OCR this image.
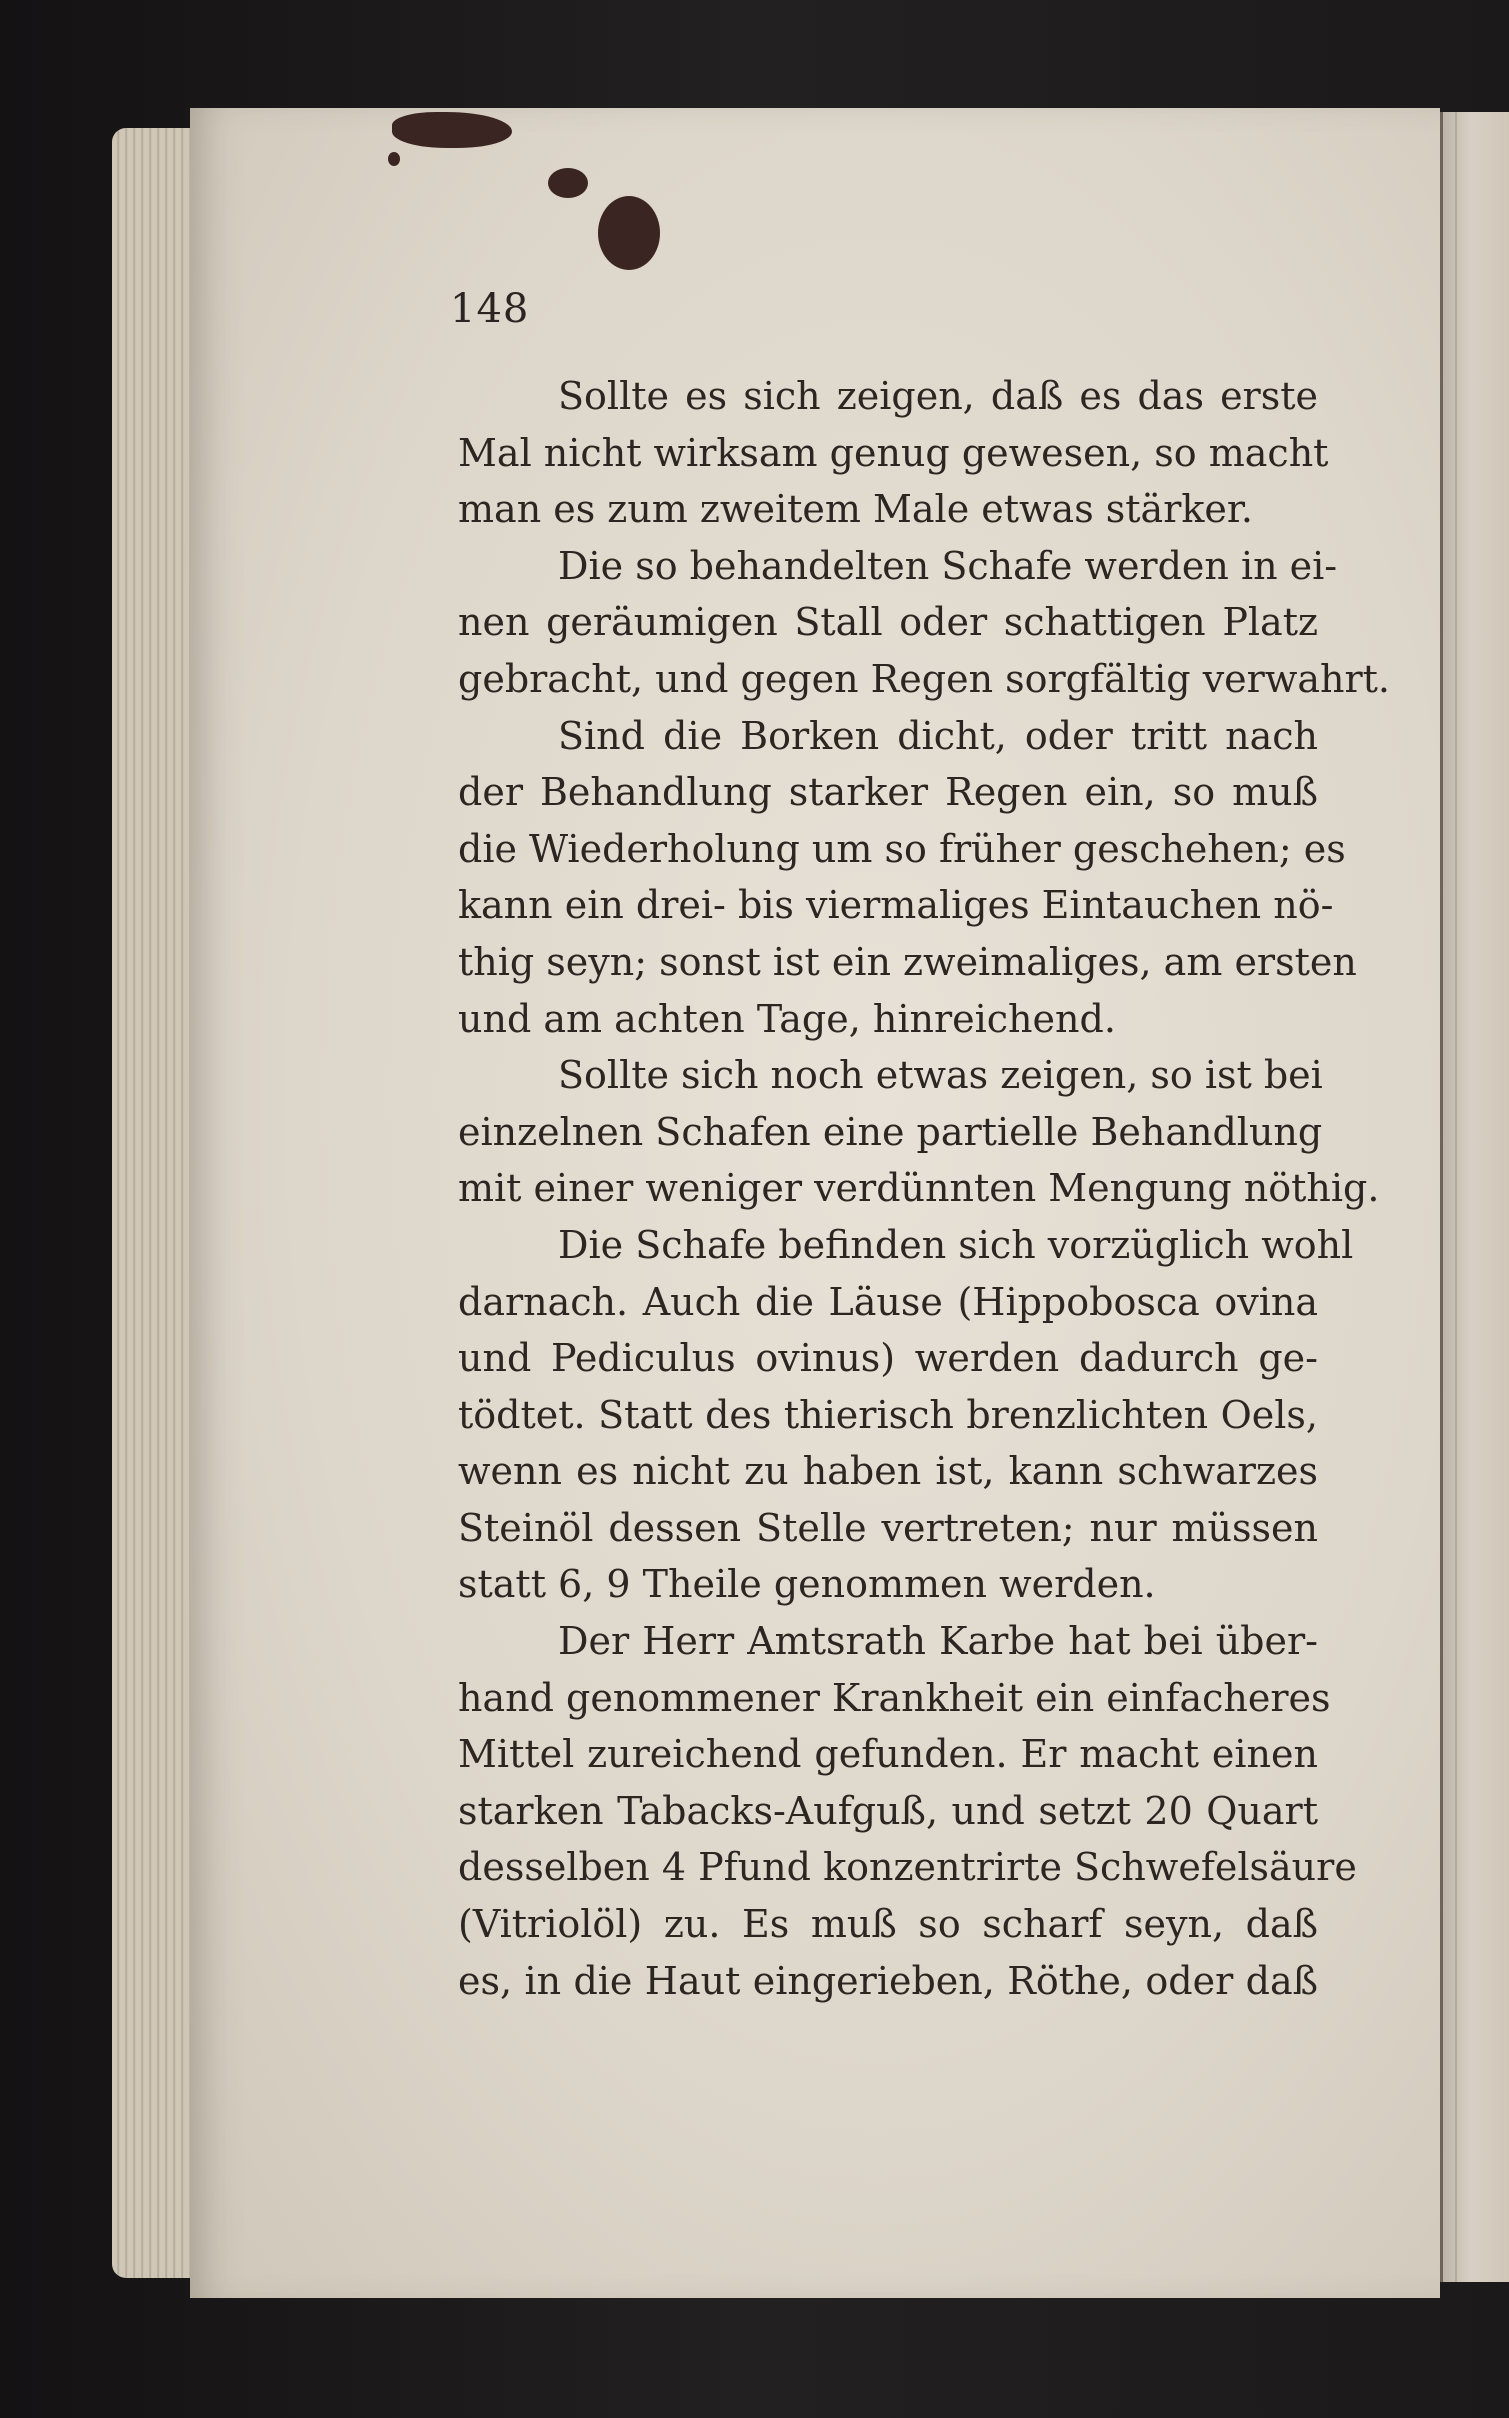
148
Sollte es sich zeigen, daß es das erste
Mal nicht wirksam genug gewesen, so macht
man es zum zweitem Male etwas stärker.
Die so behandelten Schafe werden in ei-
nen geräumigen Stall oder schattigen Platz
gebracht, und gegen Regen sorgfältig verwahrt.
Sind die Borken dicht, oder tritt nach
der Behandlung starker Regen ein, so muß
die Wiederholung um so früher geschehen; es
kann ein drei- bis viermaliges Eintauchen nö-
thig seyn; sonst ist ein zweimaliges, am ersten
und am achten Tage, hinreichend.
Sollte sich noch etwas zeigen, so ist bei
einzelnen Schafen eine partielle Behandlung
mit einer weniger verdünnten Mengung nöthig.
Die Schafe befinden sich vorzüglich wohl
darnach. Auch die Läuse (Hippobosca ovina
und Pediculus ovinus) werden dadurch ge-
tödtet. Statt des thierisch brenzlichten Oels,
wenn es nicht zu haben ist, kann schwarzes
Steinöl dessen Stelle vertreten; nur müssen
statt 6, 9 Theile genommen werden.
Der Herr Amtsrath Karbe hat bei über-
hand genommener Krankheit ein einfacheres
Mittel zureichend gefunden. Er macht einen
starken Tabacks-Aufguß, und setzt 20 Quart
desselben 4 Pfund konzentrirte Schwefelsäure
(Vitriolöl) zu. Es muß so scharf seyn, daß
es, in die Haut eingerieben, Röthe, oder daß
